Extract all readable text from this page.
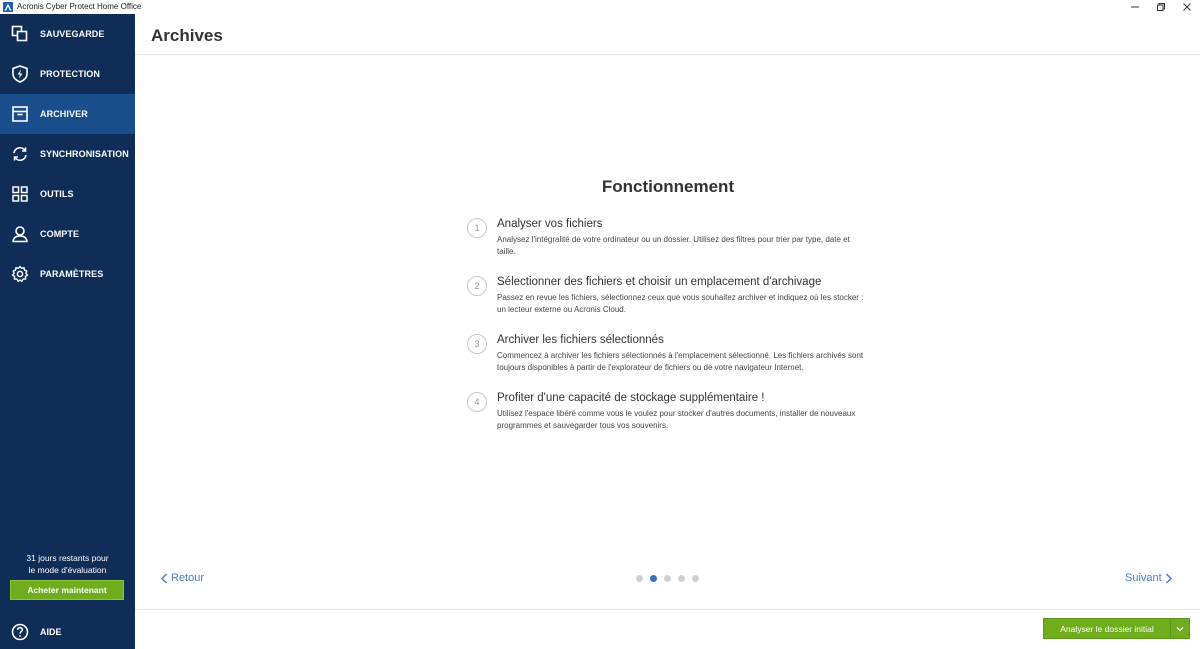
Acronis Cyber Protect Home Office
SAUVEGARDE
PROTECTION
ARCHIVER
SYNCHRONISATION
OUTILS
COMPTE
PARAMÈTRES
31 jours restants pour
le mode d'évaluation
Acheter maintenant
AIDE
Archives
Fonctionnement
1	Analyser vos fichiers
Analysez l'intégralité de votre ordinateur ou un dossier. Utilisez des filtres pour trier par type, date et taille.
2	Sélectionner des fichiers et choisir un emplacement d'archivage
Passez en revue les fichiers, sélectionnez ceux que vous souhaitez archiver et indiquez où les stocker : un lecteur externe ou Acronis Cloud.
3	Archiver les fichiers sélectionnés
Commencez à archiver les fichiers sélectionnés à l'emplacement sélectionné. Les fichiers archivés sont toujours disponibles à partir de l'explorateur de fichiers ou de votre navigateur Internet.
4	Profiter d'une capacité de stockage supplémentaire !
Utilisez l'espace libéré comme vous le voulez pour stocker d'autres documents, installer de nouveaux programmes et sauvegarder tous vos souvenirs.
Retour	Suivant
Analyser le dossier initial
